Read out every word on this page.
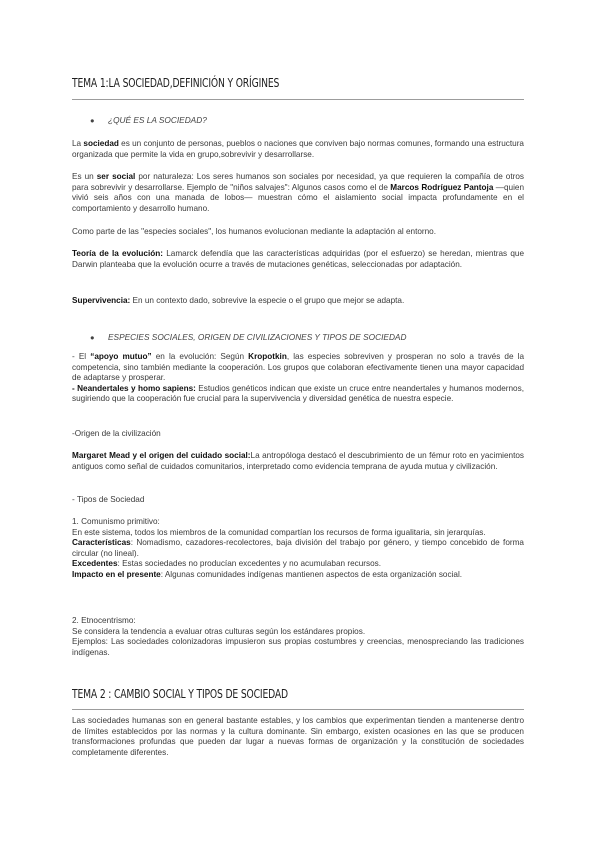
TEMA 1:LA SOCIEDAD,DEFINICIÓN Y ORÍGINES
● ¿QUÉ ES LA SOCIEDAD?

La sociedad es un conjunto de personas, pueblos o naciones que conviven bajo normas comunes, formando una estructura organizada que permite la vida en grupo,sobrevivir y desarrollarse.

Es un ser social por naturaleza: Los seres humanos son sociales por necesidad, ya que requieren la compañía de otros para sobrevivir y desarrollarse. Ejemplo de "niños salvajes": Algunos casos como el de Marcos Rodríguez Pantoja —quien vivió seis años con una manada de lobos— muestran cómo el aislamiento social impacta profundamente en el comportamiento y desarrollo humano.

Como parte de las "especies sociales", los humanos evolucionan mediante la adaptación al entorno.

Teoría de la evolución: Lamarck defendía que las características adquiridas (por el esfuerzo) se heredan, mientras que Darwin planteaba que la evolución ocurre a través de mutaciones genéticas, seleccionadas por adaptación.

Supervivencia: En un contexto dado, sobrevive la especie o el grupo que mejor se adapta.

● ESPECIES SOCIALES, ORIGEN DE CIVILIZACIONES Y TIPOS DE SOCIEDAD

- El “apoyo mutuo” en la evolución: Según Kropotkin, las especies sobreviven y prosperan no solo a través de la competencia, sino también mediante la cooperación. Los grupos que colaboran efectivamente tienen una mayor capacidad de adaptarse y prosperar.
- Neandertales y homo sapiens: Estudios genéticos indican que existe un cruce entre neandertales y humanos modernos, sugiriendo que la cooperación fue crucial para la supervivencia y diversidad genética de nuestra especie.

-Origen de la civilización

Margaret Mead y el origen del cuidado social:La antropóloga destacó el descubrimiento de un fémur roto en yacimientos antiguos como señal de cuidados comunitarios, interpretado como evidencia temprana de ayuda mutua y civilización.

- Tipos de Sociedad

1. Comunismo primitivo:
En este sistema, todos los miembros de la comunidad compartían los recursos de forma igualitaria, sin jerarquías.
Características: Nomadismo, cazadores-recolectores, baja división del trabajo por género, y tiempo concebido de forma circular (no lineal).
Excedentes: Estas sociedades no producían excedentes y no acumulaban recursos.
Impacto en el presente: Algunas comunidades indígenas mantienen aspectos de esta organización social.

2. Etnocentrismo:
Se considera la tendencia a evaluar otras culturas según los estándares propios.
Ejemplos: Las sociedades colonizadoras impusieron sus propias costumbres y creencias, menospreciando las tradiciones indígenas.

TEMA 2 : CAMBIO SOCIAL Y TIPOS DE SOCIEDAD

Las sociedades humanas son en general bastante estables, y los cambios que experimentan tienden a mantenerse dentro de límites establecidos por las normas y la cultura dominante. Sin embargo, existen ocasiones en las que se producen transformaciones profundas que pueden dar lugar a nuevas formas de organización y la constitución de sociedades completamente diferentes.
